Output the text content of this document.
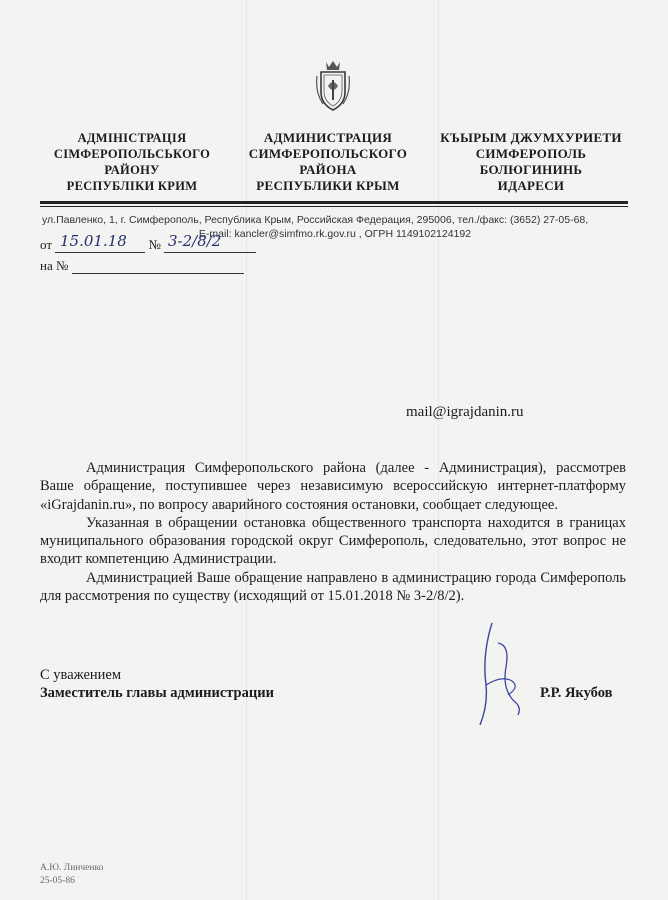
АДМІНІСТРАЦІЯ
СІМФЕРОПОЛЬСЬКОГО
РАЙОНУ
РЕСПУБЛІКИ КРИМ
АДМИНИСТРАЦИЯ
СИМФЕРОПОЛЬСКОГО
РАЙОНА
РЕСПУБЛИКИ КРЫМ
КЪЫРЫМ ДЖУМХУРИЕТИ
СИМФЕРОПОЛЬ
БОЛЮГИНИНЬ
ИДАРЕСИ
ул.Павленко, 1, г. Симферополь, Республика Крым, Российская Федерация, 295006, тел./факс: (3652) 27-05-68,
E-mail: kancler@simfmo.rk.gov.ru , ОГРН 1149102124192
от	№
15.01.18	3-2/8/2
на №
mail@igrajdanin.ru

Администрация Симферопольского района (далее - Администрация), рассмотрев Ваше обращение, поступившее через независимую всероссийскую интернет-платформу «iGrajdanin.ru», по вопросу аварийного состояния остановки, сообщает следующее.

Указанная в обращении остановка общественного транспорта находится в границах муниципального образования городской округ Симферополь, следовательно, этот вопрос не входит компетенцию Администрации.

Администрацией Ваше обращение направлено в администрацию города Симферополь для рассмотрения по существу (исходящий от 15.01.2018 № 3-2/8/2).

С уважением
Заместитель главы администрации	Р.Р. Якубов
А.Ю. Линченко
25-05-86
